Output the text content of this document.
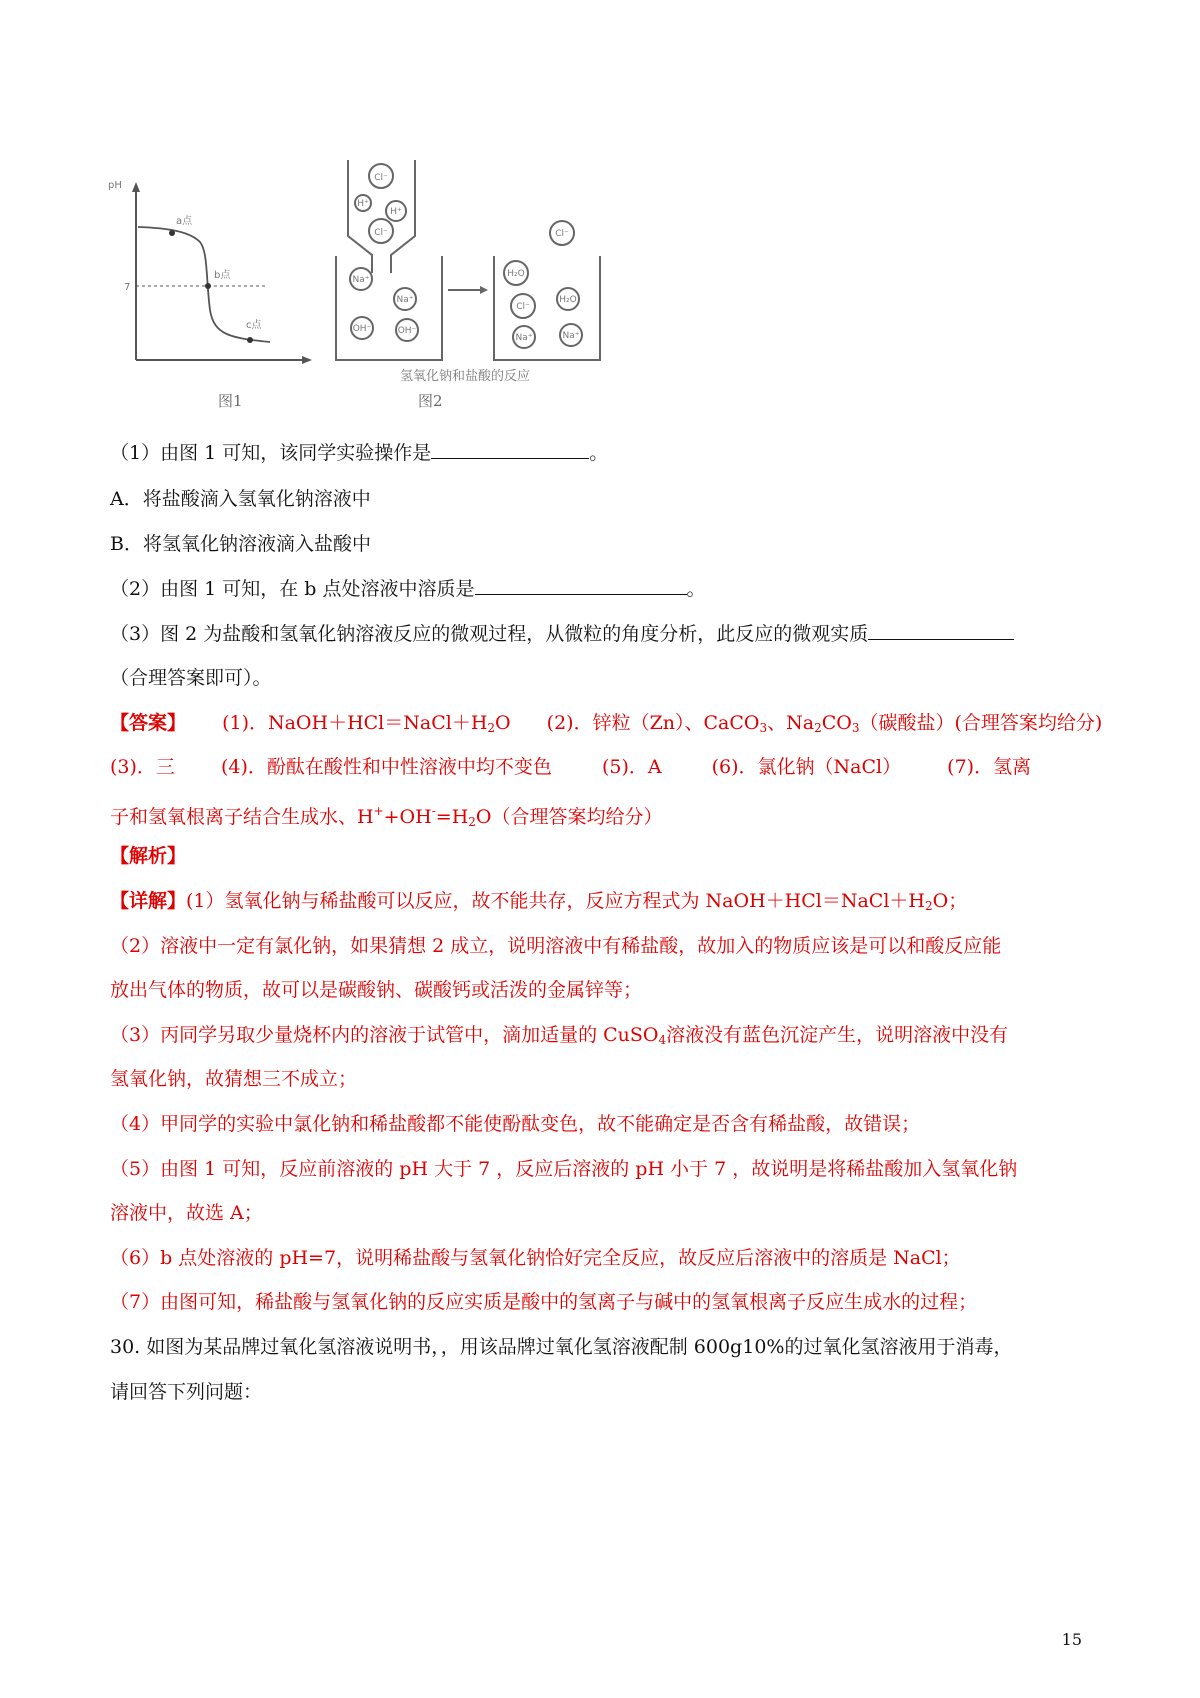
pH
7
a点
b点
c点
图1
Cl⁻
H⁺
H⁺
Cl⁻
Na⁺
Na⁺
OH⁻	OH⁻
H₂O
Cl⁻
Cl⁻
H₂O
Na⁺	Na⁺
氢氧化钠和盐酸的反应
图2
（1）由图 1 可知，该同学实验操作是	。
A．将盐酸滴入氢氧化钠溶液中
B．将氢氧化钠溶液滴入盐酸中
（2）由图 1 可知，在 b 点处溶液中溶质是	。
（3）图 2 为盐酸和氢氧化钠溶液反应的微观过程，从微粒的角度分析，此反应的微观实质
（合理答案即可）。
【答案】 (1)．$NaOH+HCl=NaCl+H_2O$ (2)．锌粒（Zn）、CaCO$_3$、$Na_2CO_3$（碳酸盐）(合理答案均给分)
(3)．三 (4)．酚酞在酸性和中性溶液中均不变色	(5)．A	(6)．氯化钠（NaCl） (7)．氢离
子和氢氧根离子结合生成水、$H^++OH^-=H_2O$（合理答案均给分）
【解析】
【详解】(1）氢氧化钠与稀盐酸可以反应，故不能共存，反应方程式为 $NaOH+HCl=NaCl+H_2O$；
（2）溶液中一定有氯化钠，如果猜想 2 成立，说明溶液中有稀盐酸，故加入的物质应该是可以和酸反应能
放出气体的物质，故可以是碳酸钠、碳酸钙或活泼的金属锌等；
（3）丙同学另取少量烧杯内的溶液于试管中，滴加适量的 CuSO$_4$溶液没有蓝色沉淀产生，说明溶液中没有
氢氧化钠，故猜想三不成立；
（4）甲同学的实验中氯化钠和稀盐酸都不能使酚酞变色，故不能确定是否含有稀盐酸，故错误；
（5）由图 1 可知，反应前溶液的 pH 大于 7 ，反应后溶液的 pH 小于 7 ，故说明是将稀盐酸加入氢氧化钠
溶液中，故选 A；
（6）b 点处溶液的 pH=7，说明稀盐酸与氢氧化钠恰好完全反应，故反应后溶液中的溶质是 NaCl；
（7）由图可知，稀盐酸与氢氧化钠的反应实质是酸中的氢离子与碱中的氢氧根离子反应生成水的过程；
30. 如图为某品牌过氧化氢溶液说明书，，用该品牌过氧化氢溶液配制 600g10%的过氧化氢溶液用于消毒，
请回答下列问题：
15
